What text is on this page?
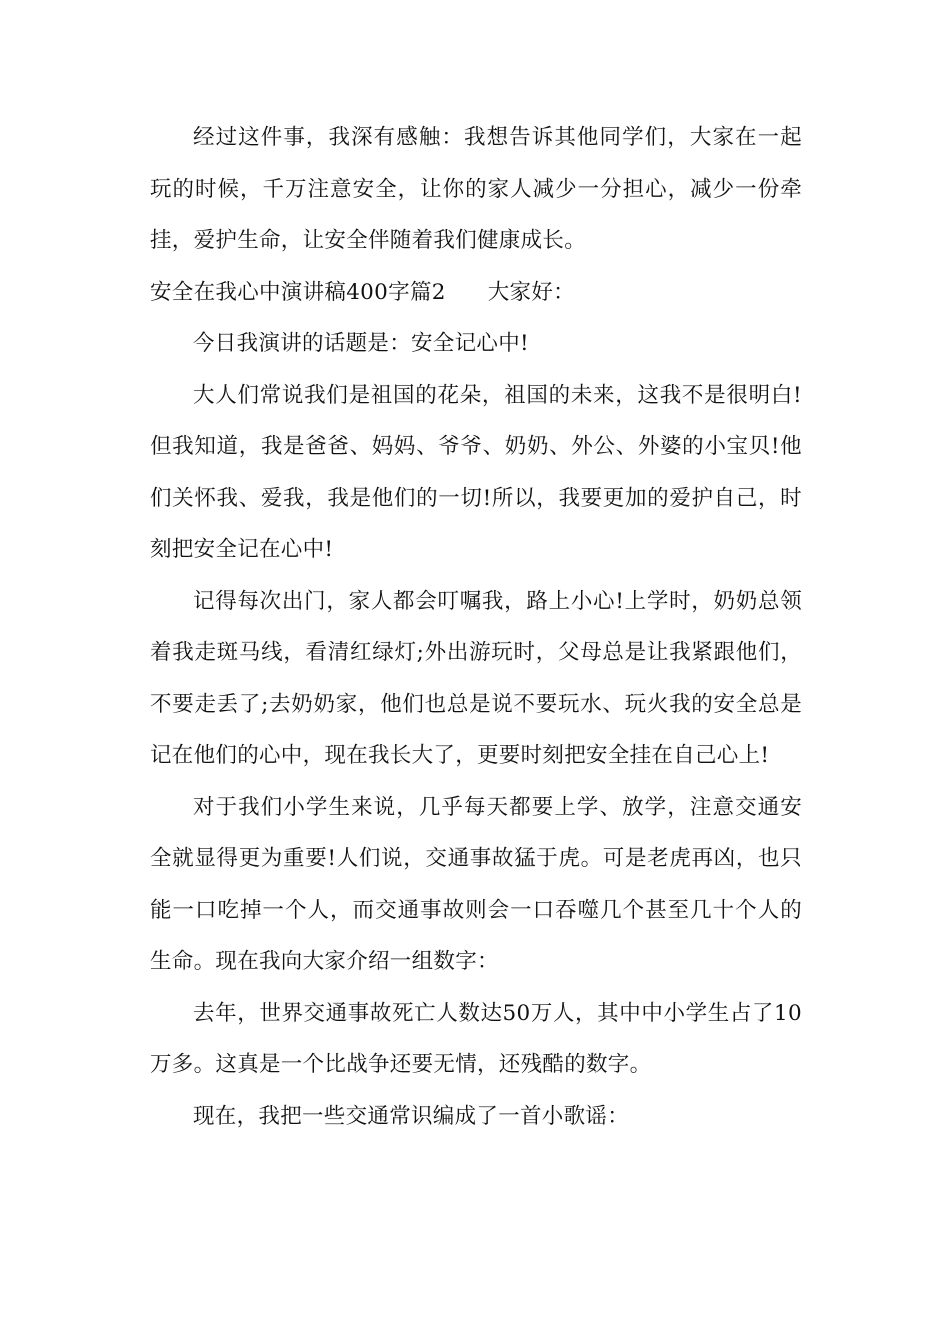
经过这件事，我深有感触：我想告诉其他同学们，大家在一起玩的时候，千万注意安全，让你的家人减少一分担心，减少一份牵挂，爱护生命，让安全伴随着我们健康成长。

安全在我心中演讲稿400字篇2 大家好：

今日我演讲的话题是：安全记心中!

大人们常说我们是祖国的花朵，祖国的未来，这我不是很明白!但我知道，我是爸爸、妈妈、爷爷、奶奶、外公、外婆的小宝贝!他们关怀我、爱我，我是他们的一切!所以，我要更加的爱护自己，时刻把安全记在心中!

记得每次出门，家人都会叮嘱我，路上小心!上学时，奶奶总领着我走斑马线，看清红绿灯;外出游玩时，父母总是让我紧跟他们，不要走丢了;去奶奶家，他们也总是说不要玩水、玩火我的安全总是记在他们的心中，现在我长大了，更要时刻把安全挂在自己心上!

对于我们小学生来说，几乎每天都要上学、放学，注意交通安全就显得更为重要!人们说，交通事故猛于虎。可是老虎再凶，也只能一口吃掉一个人，而交通事故则会一口吞噬几个甚至几十个人的生命。现在我向大家介绍一组数字：

去年，世界交通事故死亡人数达50万人，其中中小学生占了10万多。这真是一个比战争还要无情，还残酷的数字。

现在，我把一些交通常识编成了一首小歌谣：
